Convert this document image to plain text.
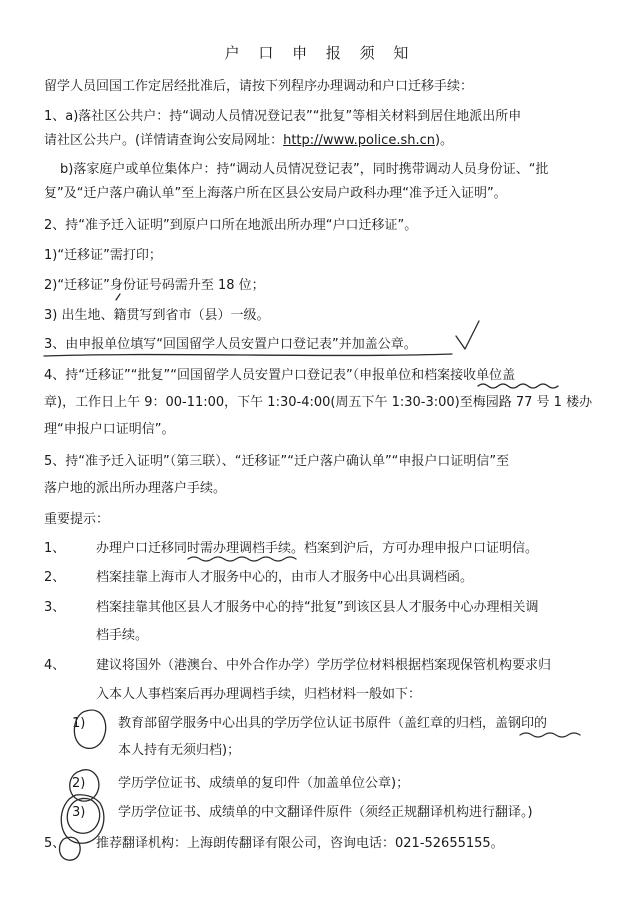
户 口 申 报 须 知
留学人员回国工作定居经批准后，请按下列程序办理调动和户口迁移手续：
1、a)落社区公共户：持“调动人员情况登记表”“批复”等相关材料到居住地派出所申
请社区公共户。(详情请查询公安局网址：http://www.police.sh.cn)。
b)落家庭户或单位集体户：持“调动人员情况登记表”，同时携带调动人员身份证、“批
复”及“迁户落户确认单”至上海落户所在区县公安局户政科办理“准予迁入证明”。
2、持“准予迁入证明”到原户口所在地派出所办理“户口迁移证”。
1)“迁移证”需打印；
2)“迁移证”身份证号码需升至 18 位；
3) 出生地、籍贯写到省市（县）一级。
3、由申报单位填写“回国留学人员安置户口登记表”并加盖公章。
4、持“迁移证”“批复”“回国留学人员安置户口登记表”（申报单位和档案接收单位盖
章)，工作日上午 9：00-11:00，下午 1:30-4:00(周五下午 1:30-3:00)至梅园路 77 号 1 楼办
理“申报户口证明信”。
5、持“准予迁入证明”（第三联）、“迁移证”“迁户落户确认单”“申报户口证明信”至
落户地的派出所办理落户手续。
重要提示：
1、 办理户口迁移同时需办理调档手续。档案到沪后，方可办理申报户口证明信。
2、 档案挂靠上海市人才服务中心的，由市人才服务中心出具调档函。
3、 档案挂靠其他区县人才服务中心的持“批复”到该区县人才服务中心办理相关调
档手续。
4、 建议将国外（港澳台、中外合作办学）学历学位材料根据档案现保管机构要求归
入本人人事档案后再办理调档手续，归档材料一般如下：
1)	教育部留学服务中心出具的学历学位认证书原件（盖红章的归档，盖钢印的
本人持有无须归档)；
2)	学历学位证书、成绩单的复印件（加盖单位公章)；
3)	学历学位证书、成绩单的中文翻译件原件（须经正规翻译机构进行翻译。)
5、 推荐翻译机构：上海朗传翻译有限公司，咨询电话：021-52655155。
